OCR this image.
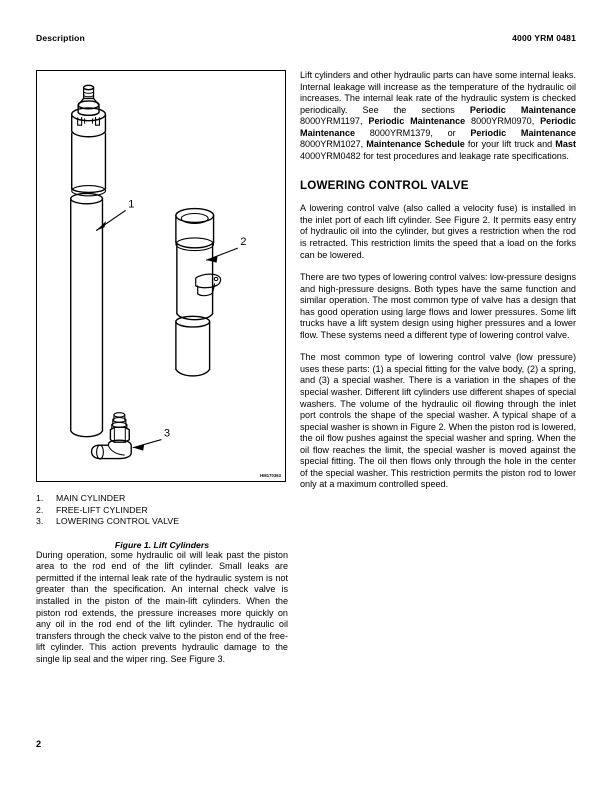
Description	4000 YRM 0481
1
2
3
HM170363
1.	MAIN CYLINDER
2.	FREE-LIFT CYLINDER
3.	LOWERING CONTROL VALVE
Figure 1. Lift Cylinders

During operation, some hydraulic oil will leak past the piston area to the rod end of the lift cylinder. Small leaks are permitted if the internal leak rate of the hydraulic system is not greater than the specification. An internal check valve is installed in the piston of the main-lift cylinders. When the piston rod extends, the pressure increases more quickly on any oil in the rod end of the lift cylinder. The hydraulic oil transfers through the check valve to the piston end of the free-lift cylinder. This action prevents hydraulic damage to the single lip seal and the wiper ring. See Figure 3.

Lift cylinders and other hydraulic parts can have some internal leaks. Internal leakage will increase as the temperature of the hydraulic oil increases. The internal leak rate of the hydraulic system is checked periodically. See the sections Periodic Maintenance 8000YRM1197, Periodic Maintenance 8000YRM0970, Periodic Maintenance 8000YRM1379, or Periodic Maintenance 8000YRM1027, Maintenance Schedule for your lift truck and Mast 4000YRM0482 for test procedures and leakage rate specifications.

LOWERING CONTROL VALVE

A lowering control valve (also called a velocity fuse) is installed in the inlet port of each lift cylinder. See Figure 2. It permits easy entry of hydraulic oil into the cylinder, but gives a restriction when the rod is retracted. This restriction limits the speed that a load on the forks can be lowered.

There are two types of lowering control valves: low-pressure designs and high-pressure designs. Both types have the same function and similar operation. The most common type of valve has a design that has good operation using large flows and lower pressures. Some lift trucks have a lift system design using higher pressures and a lower flow. These systems need a different type of lowering control valve.

The most common type of lowering control valve (low pressure) uses these parts: (1) a special fitting for the valve body, (2) a spring, and (3) a special washer. There is a variation in the shapes of the special washer. Different lift cylinders use different shapes of special washers. The volume of the hydraulic oil flowing through the inlet port controls the shape of the special washer. A typical shape of a special washer is shown in Figure 2. When the piston rod is lowered, the oil flow pushes against the special washer and spring. When the oil flow reaches the limit, the special washer is moved against the special fitting. The oil then flows only through the hole in the center of the special washer. This restriction permits the piston rod to lower only at a maximum controlled speed.

2
